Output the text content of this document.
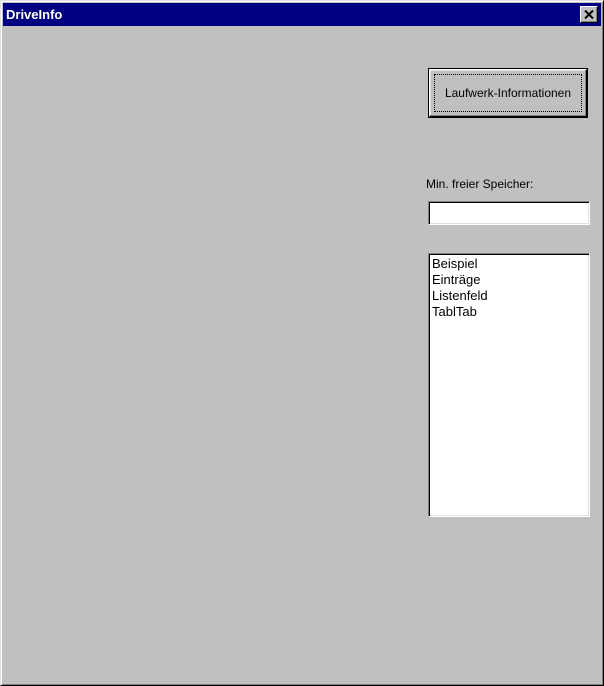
DriveInfo
Laufwerk-Informationen
Min. freier Speicher:
Beispiel
Einträge
Listenfeld
TablTab
